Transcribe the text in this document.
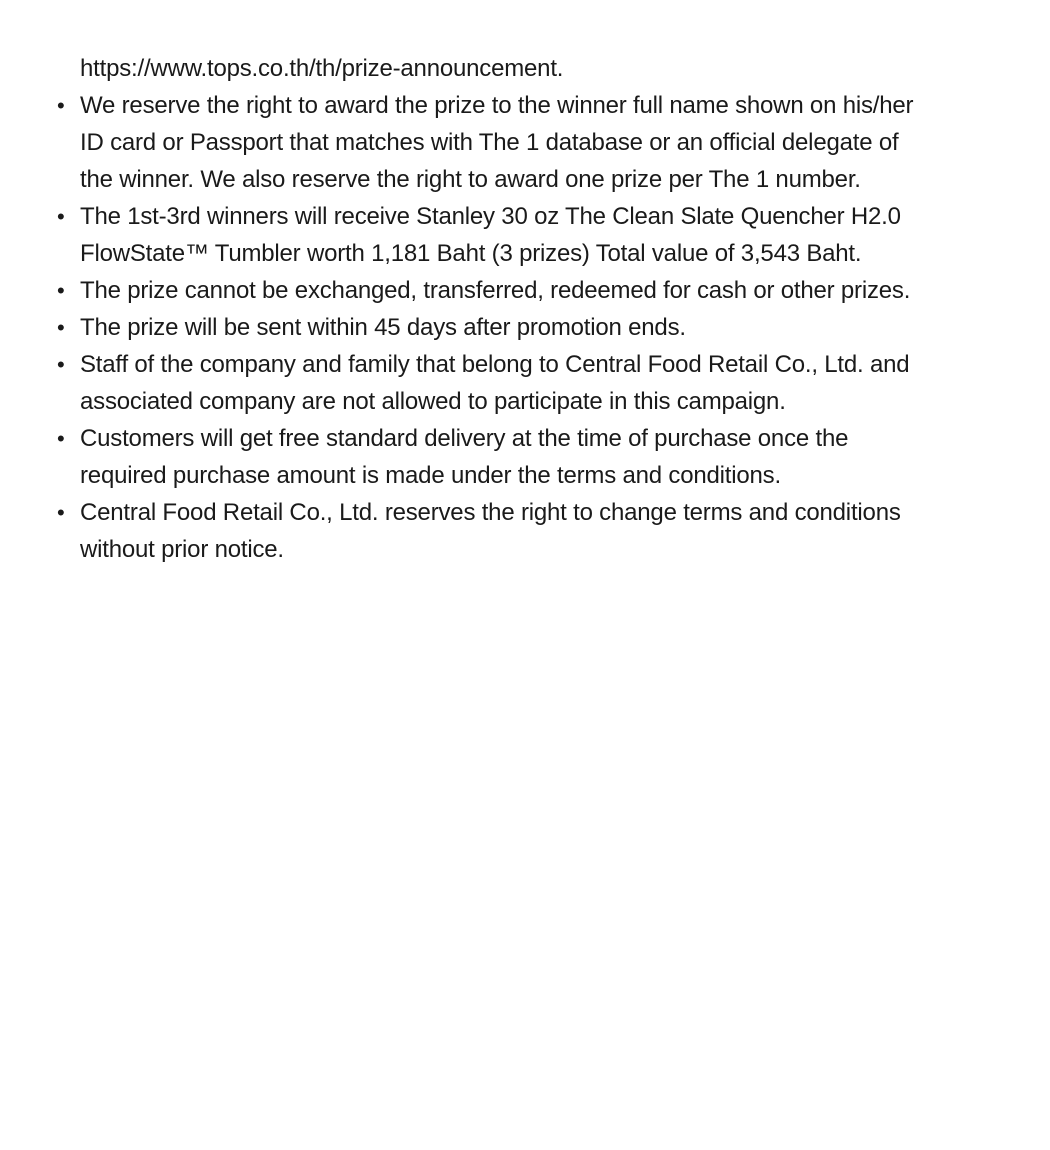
https://www.tops.co.th/th/prize-announcement.
• We reserve the right to award the prize to the winner full name shown on his/her
ID card or Passport that matches with The 1 database or an official delegate of
the winner. We also reserve the right to award one prize per The 1 number.
• The 1st-3rd winners will receive Stanley 30 oz The Clean Slate Quencher H2.0
FlowState™ Tumbler worth 1,181 Baht (3 prizes) Total value of 3,543 Baht.
• The prize cannot be exchanged, transferred, redeemed for cash or other prizes.
• The prize will be sent within 45 days after promotion ends.
• Staff of the company and family that belong to Central Food Retail Co., Ltd. and
associated company are not allowed to participate in this campaign.
• Customers will get free standard delivery at the time of purchase once the
required purchase amount is made under the terms and conditions.
• Central Food Retail Co., Ltd. reserves the right to change terms and conditions
without prior notice.
